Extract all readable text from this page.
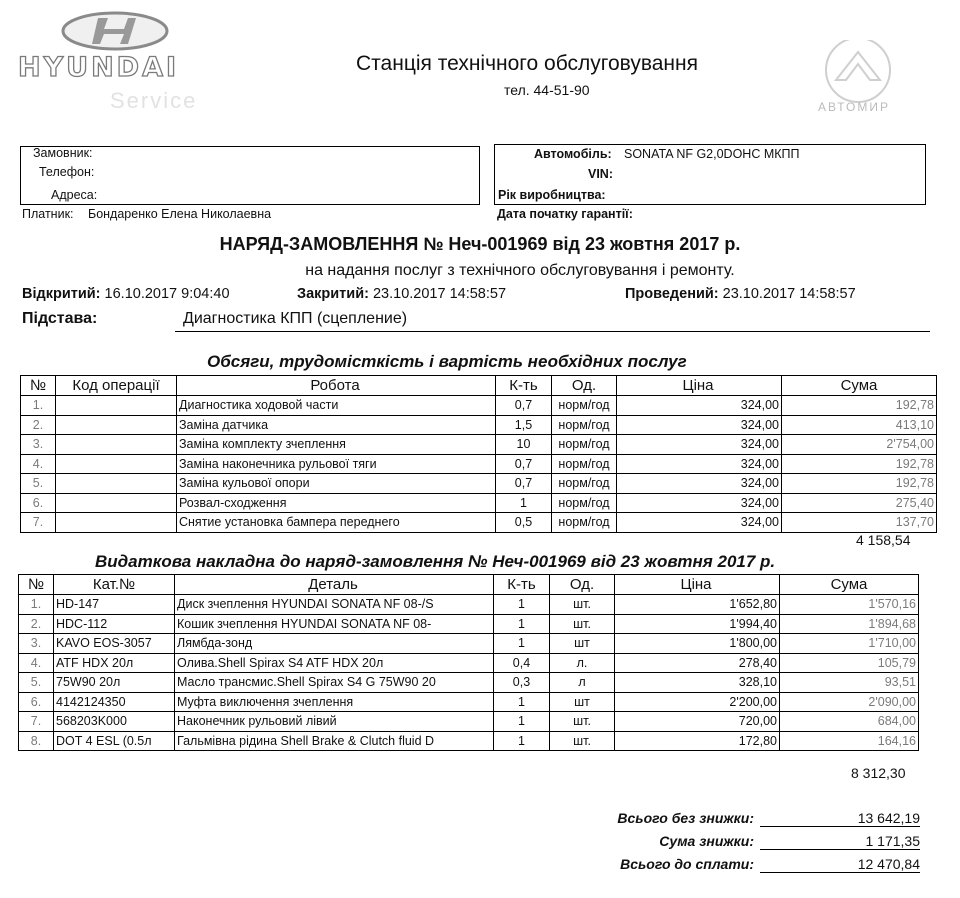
HYUNDAI
Service	АВТОМИР
Станція технічного обслуговування
тел. 44-51-90
Замовник:
Телефон:
Адреса:
Платник: Бондаренко Елена Николаевна
Автомобіль: SONATA NF G2,0DOHC МКПП
VIN:
Рік виробництва:
Дата початку гарантії:
НАРЯД-ЗАМОВЛЕННЯ № Неч-001969 від 23 жовтня 2017 р.
на надання послуг з технічного обслуговування і ремонту.
Відкритий: 16.10.2017 9:04:40	Закритий: 23.10.2017 14:58:57	Проведений: 23.10.2017 14:58:57
Підстава:	Диагностика КПП (сцепление)
Обсяги, трудомісткість і вартість необхідних послуг
№	Код операції	Робота	К-ть	Од.	Ціна	Сума
1.		Диагностика ходовой части	0,7	норм/год	324,00	192,78
2.		Заміна датчика	1,5	норм/год	324,00	413,10
3.		Заміна комплекту зчеплення	10	норм/год	324,00	2'754,00
4.		Заміна наконечника рульової тяги	0,7	норм/год	324,00	192,78
5.		Заміна кульової опори	0,7	норм/год	324,00	192,78
6.		Розвал-сходження	1	норм/год	324,00	275,40
7.		Снятие установка бампера переднего	0,5	норм/год	324,00	137,70
4 158,54
Видаткова накладна до наряд-замовлення № Неч-001969 від 23 жовтня 2017 р.
№	Кат.№	Деталь	К-ть	Од.	Ціна	Сума
1.	HD-147	Диск зчеплення HYUNDAI SONATA NF 08-/S	1	шт.	1'652,80	1'570,16
2.	HDC-112	Кошик зчеплення HYUNDAI SONATA NF 08-	1	шт.	1'994,40	1'894,68
3.	KAVO EOS-3057	Лямбда-зонд	1	шт	1'800,00	1'710,00
4.	ATF HDX 20л	Олива.Shell Spirax S4 ATF HDX 20л	0,4	л.	278,40	105,79
5.	75W90 20л	Масло трансмис.Shell Spirax S4 G 75W90 20	0,3	л	328,10	93,51
6.	4142124350	Муфта виключення зчеплення	1	шт	2'200,00	2'090,00
7.	568203K000	Наконечник рульовий лівий	1	шт.	720,00	684,00
8.	DOT 4 ESL (0.5л	Гальмівна рідина Shell Brake & Clutch fluid D	1	шт.	172,80	164,16
8 312,30
Всього без знижки:	13 642,19
Сума знижки:	1 171,35
Всього до сплати:	12 470,84
